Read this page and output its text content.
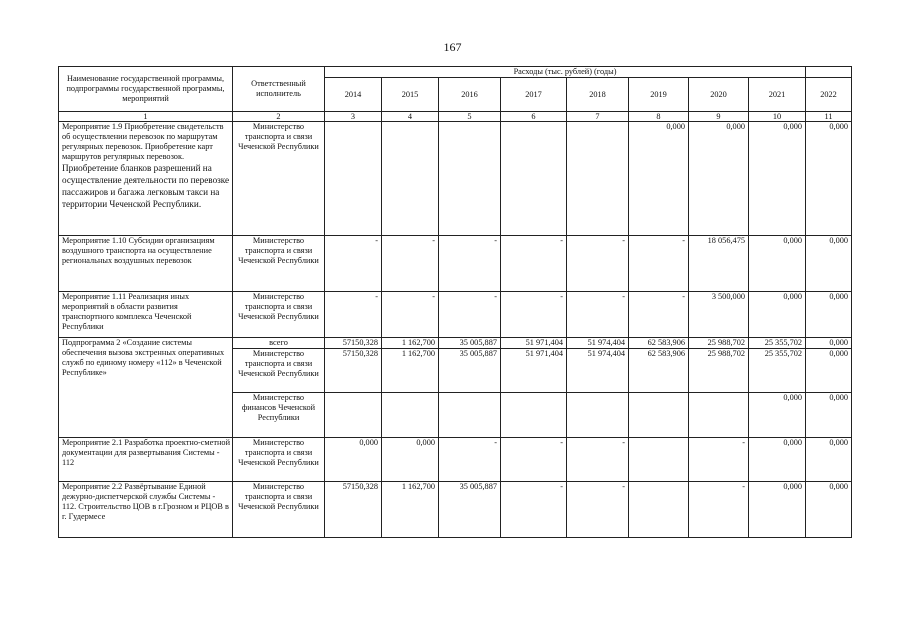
167
Наименование государственной программы, подпрограммы государственной программы, мероприятий	Ответственный исполнитель	Расходы (тыс. рублей) (годы)								
		2014	2015	2016	2017	2018	2019	2020	2021	2022
1	2	3	4	5	6	7	8	9	10	11
Мероприятие 1.9 Приобретение свидетельств об осуществлении перевозок по маршрутам регулярных перевозок. Приобретение карт маршрутов регулярных перевозок.
Приобретение бланков разрешений на осуществление деятельности по перевозке пассажиров и багажа легковым такси на территории Чеченской Республики.	Министерство транспорта и связи Чеченской Республики						0,000	0,000	0,000	0,000
Мероприятие 1.10 Субсидии организациям воздушного транспорта на осуществление региональных воздушных перевозок	Министерство транспорта и связи Чеченской Республики	-	-	-	-	-	-	18 056,475	0,000	0,000
Мероприятие 1.11 Реализация иных мероприятий в области развития транспортного комплекса Чеченской Республики	Министерство транспорта и связи Чеченской Республики	-	-	-	-	-	-	3 500,000	0,000	0,000
Подпрограмма 2 «Создание системы обеспечения вызова экстренных оперативных служб по единому номеру «112» в Чеченской Республике»	всего	57150,328	1 162,700	35 005,887	51 971,404	51 974,404	62 583,906	25 988,702	25 355,702	0,000
	Министерство транспорта и связи Чеченской Республики	57150,328	1 162,700	35 005,887	51 971,404	51 974,404	62 583,906	25 988,702	25 355,702	0,000
	Министерство финансов Чеченской Республики								0,000	0,000
Мероприятие 2.1 Разработка проектно-сметной документации для развертывания Системы - 112	Министерство транспорта и связи Чеченской Республики	0,000	0,000	-	-	-		-	0,000	0,000
Мероприятие 2.2 Развёртывание Единой дежурно-диспетчерской службы Системы - 112. Строительство ЦОВ в г.Грозном и РЦОВ в г. Гудермесе	Министерство транспорта и связи Чеченской Республики	57150,328	1 162,700	35 005,887	-	-		-	0,000	0,000
